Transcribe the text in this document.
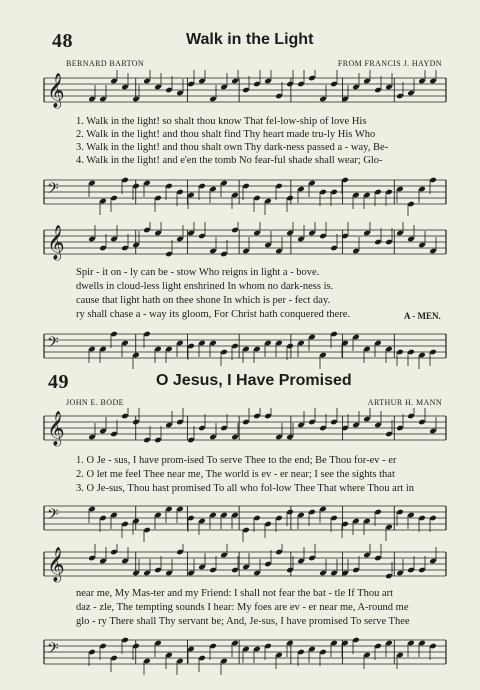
48	Walk in the Light
BERNARD BARTON	FROM FRANCIS J. HAYDN
𝄞
1. Walk in the light! so shalt thou know That fel-low-ship of love His
2. Walk in the light! and thou shalt find Thy heart made tru-ly His Who
3. Walk in the light! and thou shalt own Thy dark-ness passed a - way, Be-
4. Walk in the light! and e'en the tomb No fear-ful shade shall wear; Glo-
𝄢
𝄞
Spir - it on - ly can be - stow Who reigns in light a - bove.
dwells in cloud-less light enshrined In whom no dark-ness is.
cause that light hath on thee shone In which is per - fect day.
ry shall chase a - way its gloom, For Christ hath conquered there.	A - MEN.
𝄢
49	O Jesus, I Have Promised
JOHN E. BODE	ARTHUR H. MANN
𝄞
1. O Je - sus, I have prom-ised To serve Thee to the end; Be Thou for-ev - er
2. O let me feel Thee near me, The world is ev - er near; I see the sights that
3. O Je-sus, Thou hast promised To all who fol-low Thee That where Thou art in
𝄢
𝄞
near me, My Mas-ter and my Friend: I shall not fear the bat - tle If Thou art
daz - zle, The tempting sounds I hear: My foes are ev - er near me, A-round me
glo - ry There shall Thy servant be; And, Je-sus, I have promised To serve Thee
𝄢
